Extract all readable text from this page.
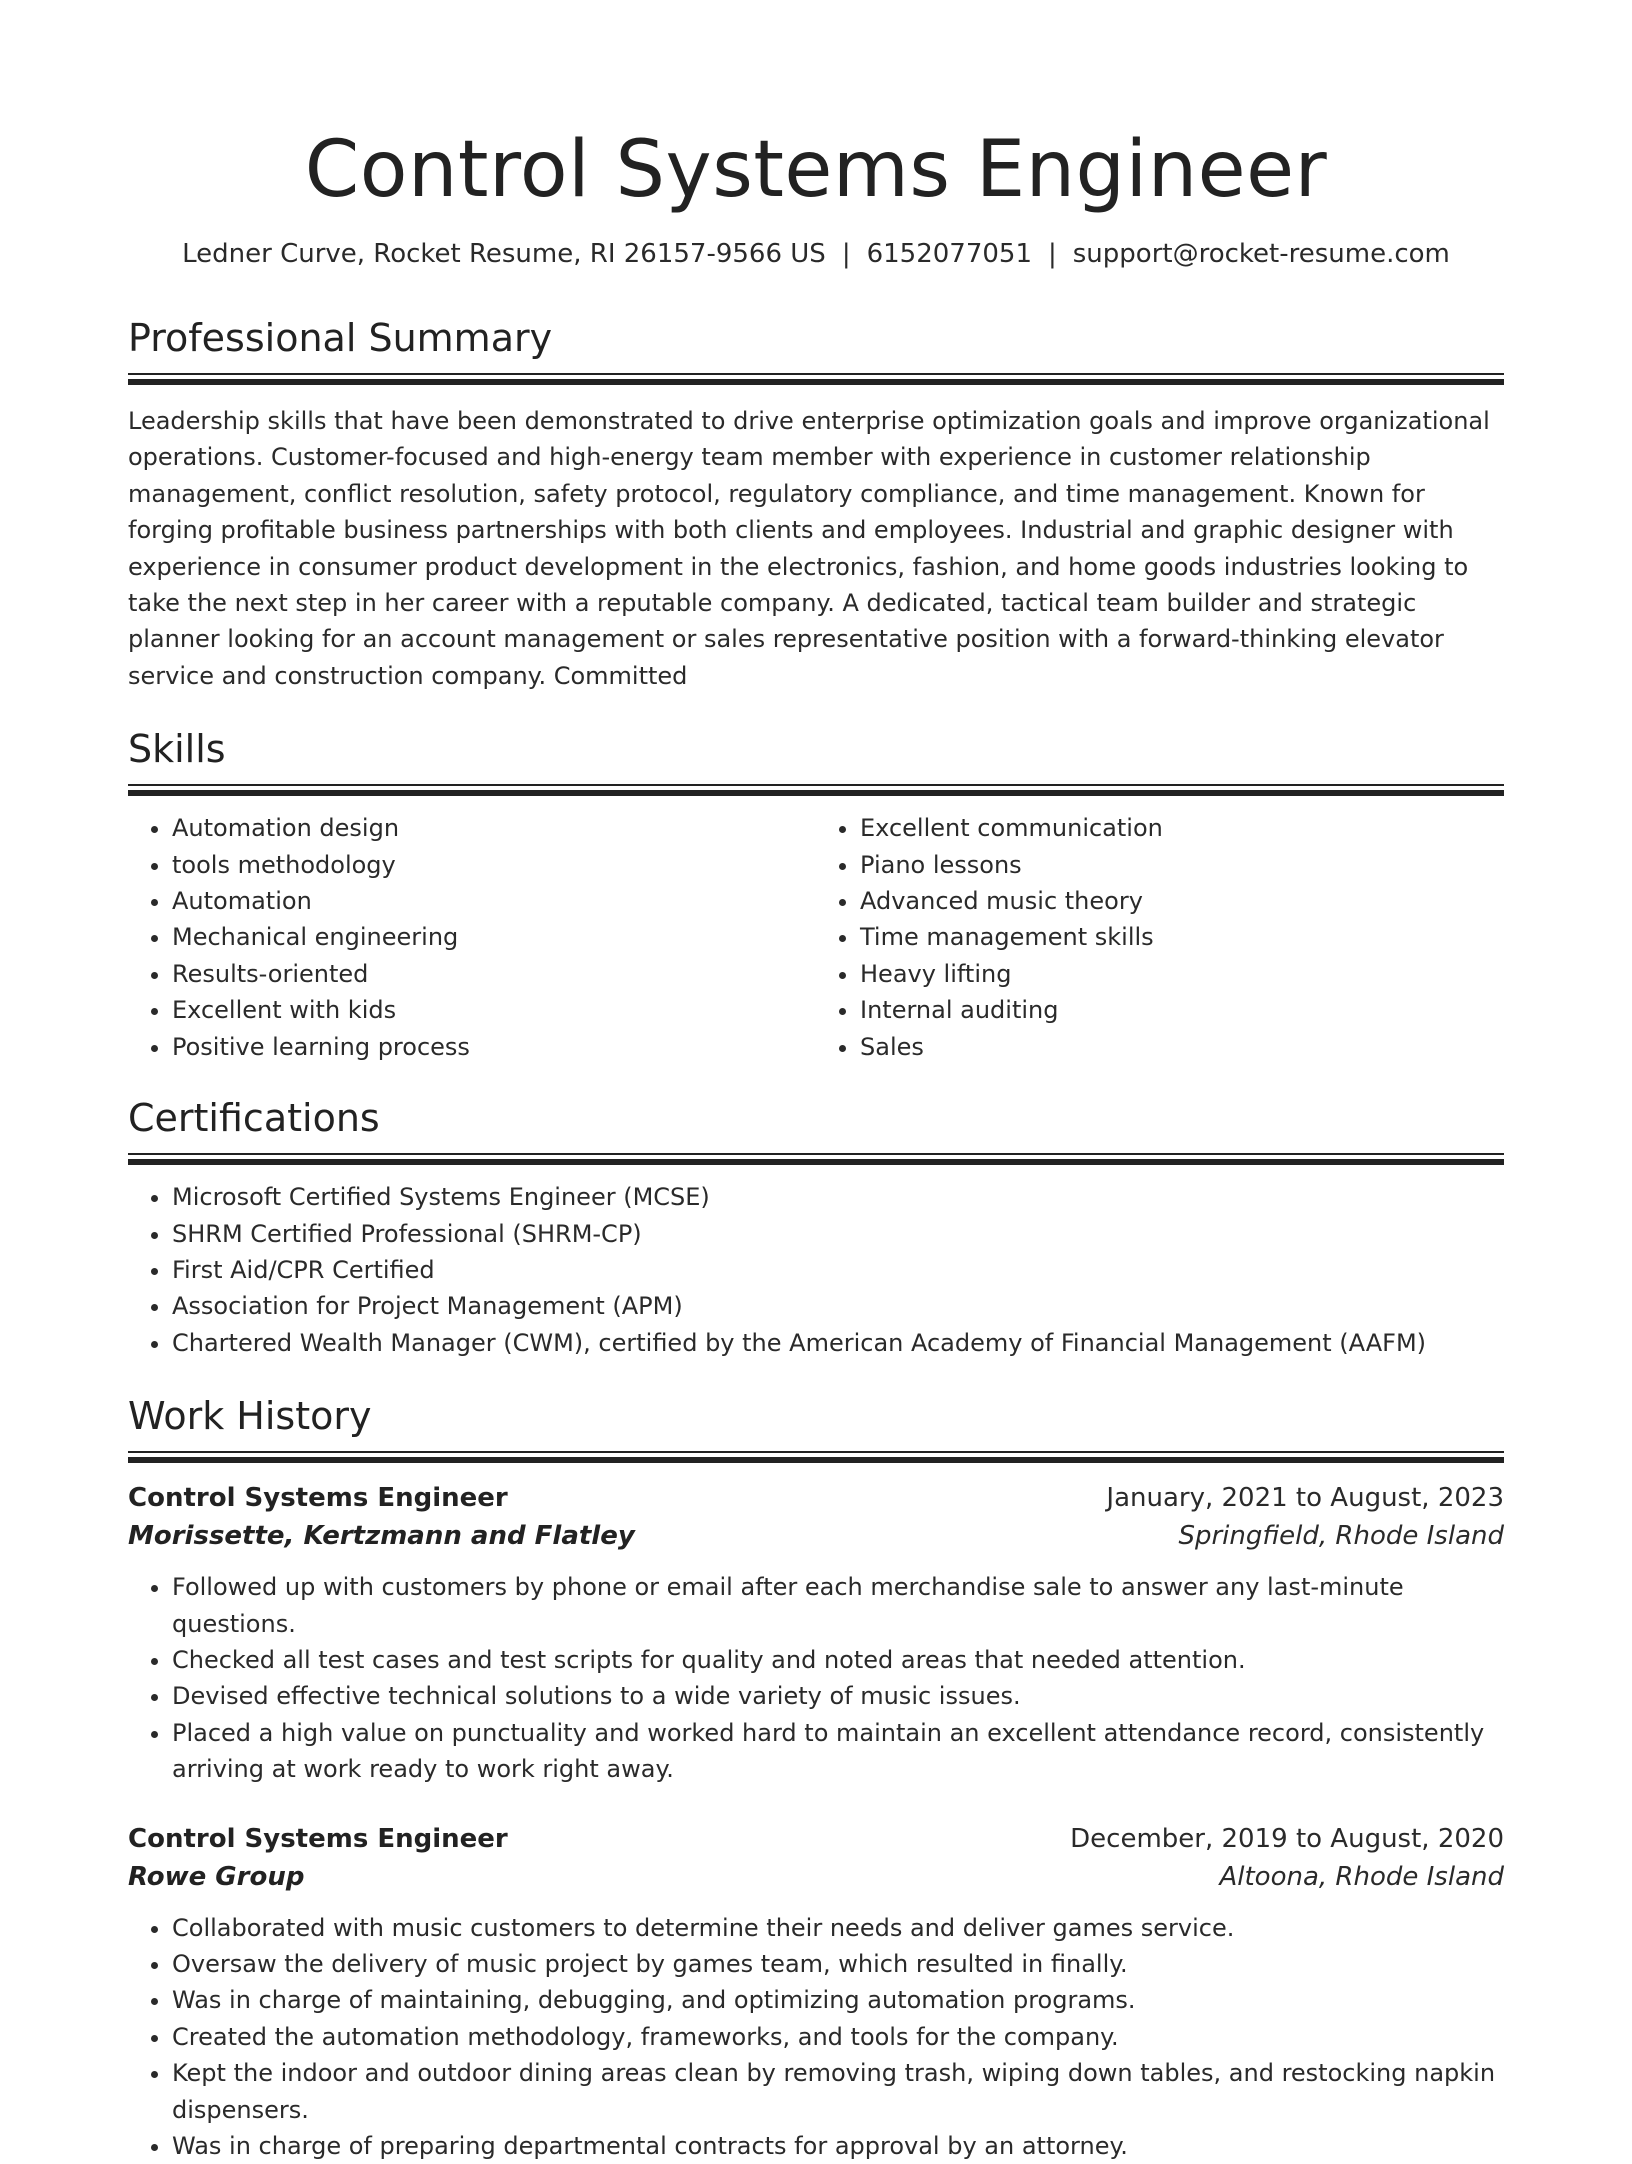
Control Systems Engineer
Ledner Curve, Rocket Resume, RI 26157-9566 US | 6152077051 | support@rocket-resume.com
Professional Summary
Leadership skills that have been demonstrated to drive enterprise optimization goals and improve organizational operations. Customer-focused and high-energy team member with experience in customer relationship management, conflict resolution, safety protocol, regulatory compliance, and time management. Known for forging profitable business partnerships with both clients and employees. Industrial and graphic designer with experience in consumer product development in the electronics, fashion, and home goods industries looking to take the next step in her career with a reputable company. A dedicated, tactical team builder and strategic planner looking for an account management or sales representative position with a forward-thinking elevator service and construction company. Committed
Skills
• Automation design
• tools methodology
• Automation
• Mechanical engineering
• Results-oriented
• Excellent with kids
• Positive learning process
• Excellent communication
• Piano lessons
• Advanced music theory
• Time management skills
• Heavy lifting
• Internal auditing
• Sales
Certifications
• Microsoft Certified Systems Engineer (MCSE)
• SHRM Certified Professional (SHRM-CP)
• First Aid/CPR Certified
• Association for Project Management (APM)
• Chartered Wealth Manager (CWM), certified by the American Academy of Financial Management (AAFM)
Work History
Control Systems Engineer	January, 2021 to August, 2023
Morissette, Kertzmann and Flatley	Springfield, Rhode Island
• Followed up with customers by phone or email after each merchandise sale to answer any last-minute questions.
• Checked all test cases and test scripts for quality and noted areas that needed attention.
• Devised effective technical solutions to a wide variety of music issues.
• Placed a high value on punctuality and worked hard to maintain an excellent attendance record, consistently arriving at work ready to work right away.
Control Systems Engineer	December, 2019 to August, 2020
Rowe Group	Altoona, Rhode Island
• Collaborated with music customers to determine their needs and deliver games service.
• Oversaw the delivery of music project by games team, which resulted in finally.
• Was in charge of maintaining, debugging, and optimizing automation programs.
• Created the automation methodology, frameworks, and tools for the company.
• Kept the indoor and outdoor dining areas clean by removing trash, wiping down tables, and restocking napkin dispensers.
• Was in charge of preparing departmental contracts for approval by an attorney.
